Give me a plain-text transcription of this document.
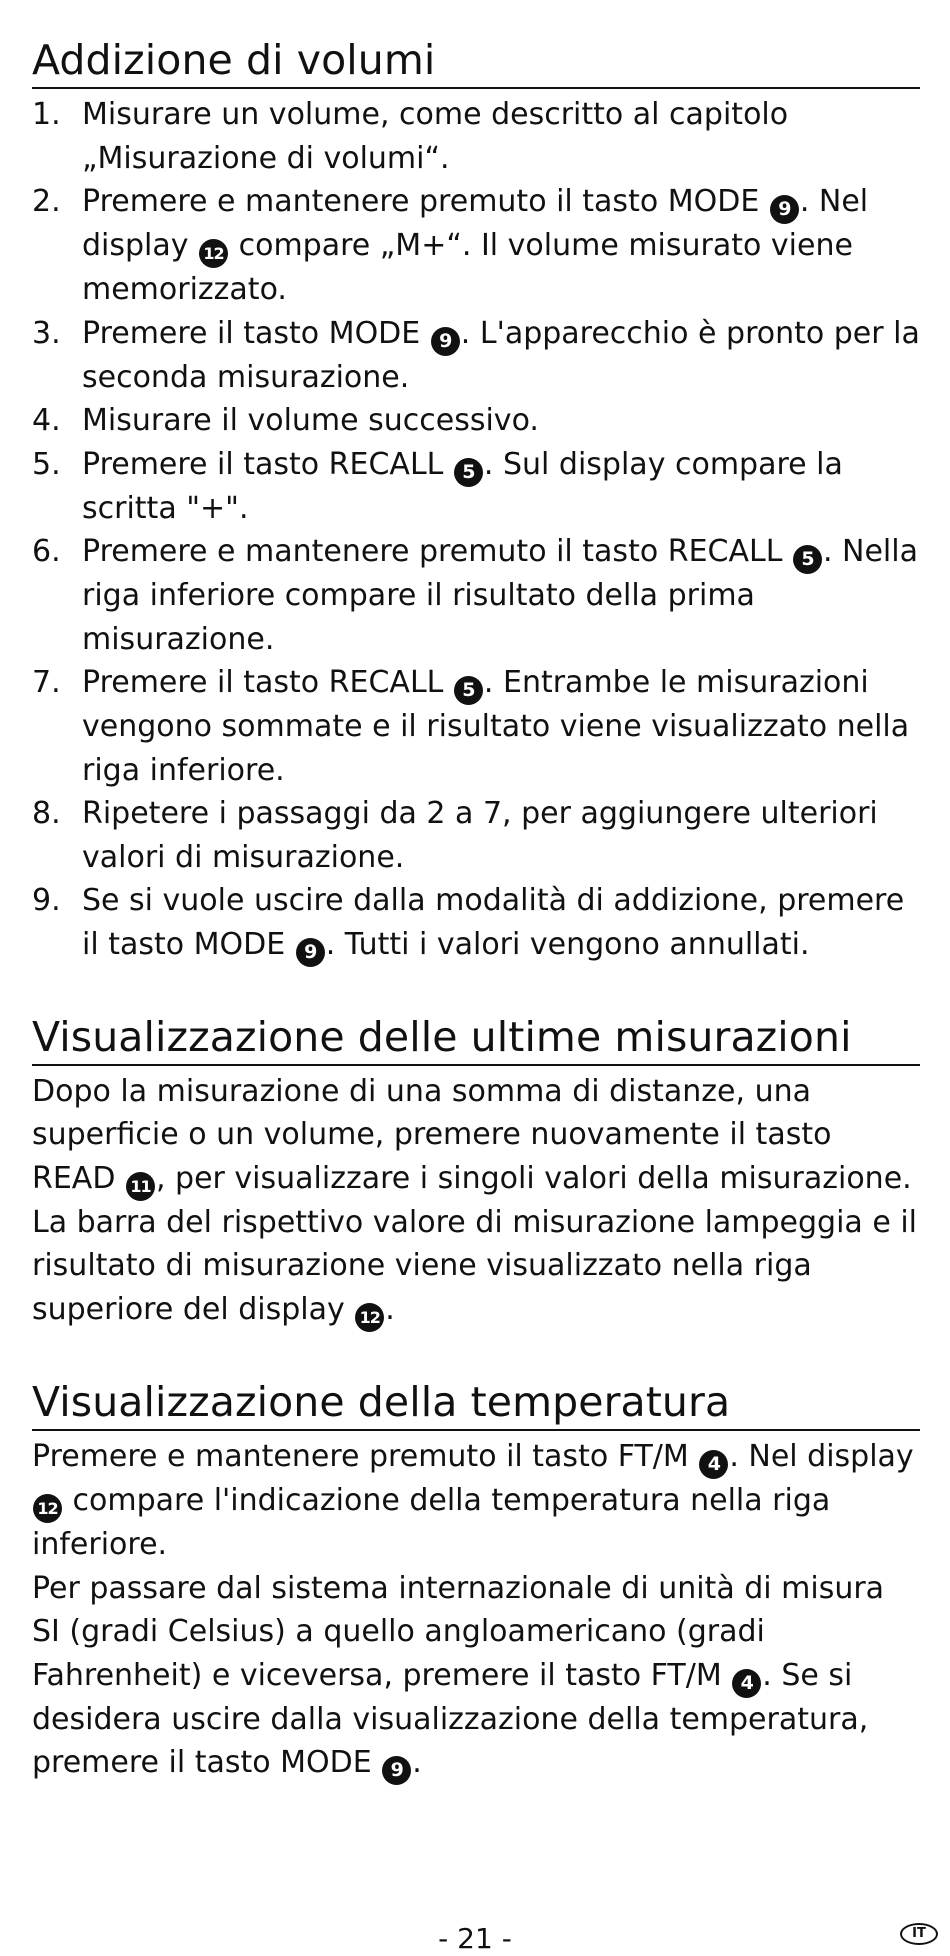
Addizione di volumi
1. Misurare un volume, come descritto al capitolo „Misurazione di volumi“.
2. Premere e mantenere premuto il tasto MODE 9 . Nel display 12 compare „M+“. Il volume misurato viene memorizzato.
3. Premere il tasto MODE 9 . L'apparecchio è pronto per la seconda misurazione.
4. Misurare il volume successivo.
5. Premere il tasto RECALL 5 . Sul display compare la scritta "+".
6. Premere e mantenere premuto il tasto RECALL 5 . Nella riga inferiore compare il risultato della prima misurazione.
7. Premere il tasto RECALL 5 . Entrambe le misurazioni vengono sommate e il risultato viene visualizzato nella riga inferiore.
8. Ripetere i passaggi da 2 a 7, per aggiungere ulteriori valori di misurazione.
9. Se si vuole uscire dalla modalità di addizione, premere il tasto MODE 9 . Tutti i valori vengono annullati.
Visualizzazione delle ultime misurazioni

Dopo la misurazione di una somma di distanze, una superficie o un volume, premere nuovamente il tasto READ 11 , per visualizzare i singoli valori della misurazione. La barra del rispettivo valore di misurazione lampeggia e il risultato di misurazione viene visualizzato nella riga superiore del display 12 .

Visualizzazione della temperatura

Premere e mantenere premuto il tasto FT/M 4 . Nel display 12 compare l'indicazione della temperatura nella riga inferiore.

Per passare dal sistema internazionale di unità di misura SI (gradi Celsius) a quello angloamericano (gradi Fahrenheit) e viceversa, premere il tasto FT/M 4 . Se si desidera uscire dalla visualizzazione della temperatura, premere il tasto MODE 9 .

- 21 -	IT
